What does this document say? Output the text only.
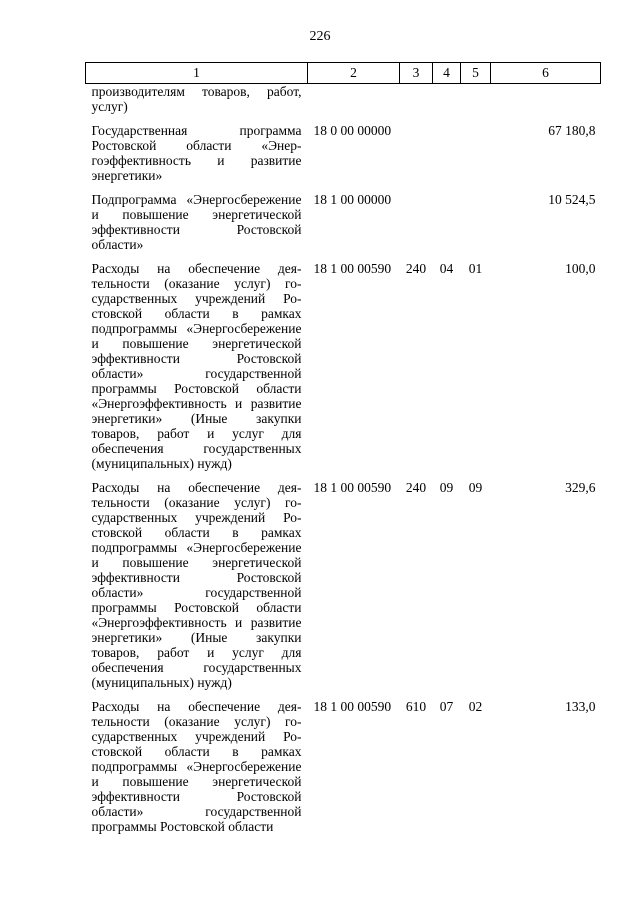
226
1	2	3	4	5	6
производителям товаров, работ, услуг)					
Государственная программа Ростовской области «Энергоэффективность и развитие энергетики»	18 0 00 00000				67 180,8
Подпрограмма «Энергосбережение и повышение энергетической эффективности Ростовской области»	18 1 00 00000				10 524,5
Расходы на обеспечение деятельности (оказание услуг) государственных учреждений Ростовской области в рамках подпрограммы «Энергосбережение и повышение энергетической эффективности Ростовской области» государственной программы Ростовской области «Энергоэффективность и развитие энергетики» (Иные закупки товаров, работ и услуг для обеспечения государственных (муниципальных) нужд)	18 1 00 00590	240	04	01	100,0
Расходы на обеспечение деятельности (оказание услуг) государственных учреждений Ростовской области в рамках подпрограммы «Энергосбережение и повышение энергетической эффективности Ростовской области» государственной программы Ростовской области «Энергоэффективность и развитие энергетики» (Иные закупки товаров, работ и услуг для обеспечения государственных (муниципальных) нужд)	18 1 00 00590	240	09	09	329,6
Расходы на обеспечение деятельности (оказание услуг) государственных учреждений Ростовской области в рамках подпрограммы «Энергосбережение и повышение энергетической эффективности Ростовской области» государственной программы Ростовской области	18 1 00 00590	610	07	02	133,0
